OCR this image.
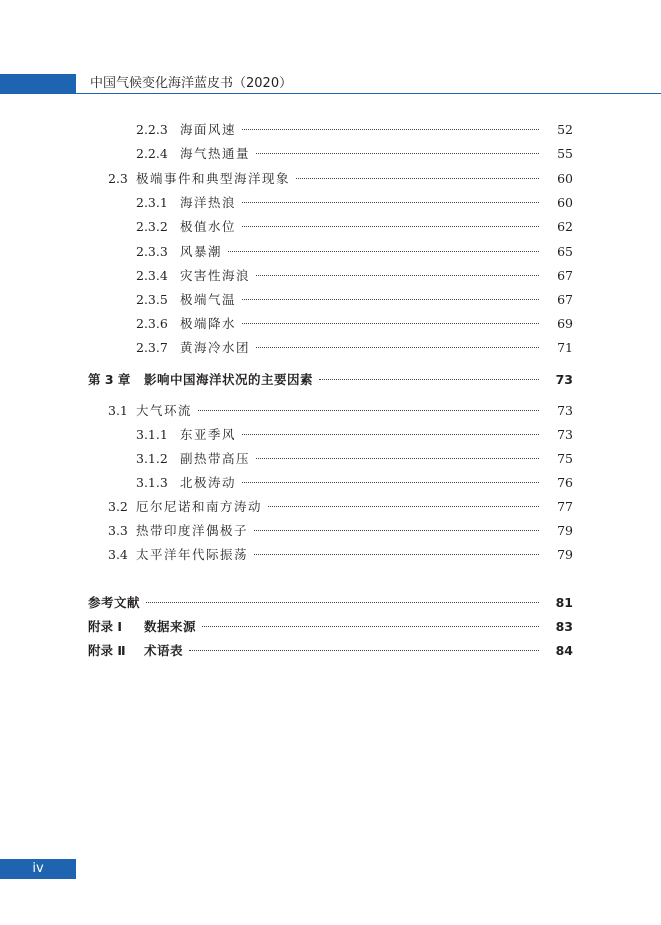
中国气候变化海洋蓝皮书（2020）
2.2.3 海面风速	52
2.2.4 海气热通量	55
2.3 极端事件和典型海洋现象	60
2.3.1 海洋热浪	60
2.3.2 极值水位	62
2.3.3 风暴潮	65
2.3.4 灾害性海浪	67
2.3.5 极端气温	67
2.3.6 极端降水	69
2.3.7 黄海冷水团	71
第 3 章 影响中国海洋状况的主要因素	73
3.1 大气环流	73
3.1.1 东亚季风	73
3.1.2 副热带高压	75
3.1.3 北极涛动	76
3.2 厄尔尼诺和南方涛动	77
3.3 热带印度洋偶极子	79
3.4 太平洋年代际振荡	79
参考文献	81
附录 Ⅰ 数据来源	83
附录 Ⅱ 术语表	84
iv
